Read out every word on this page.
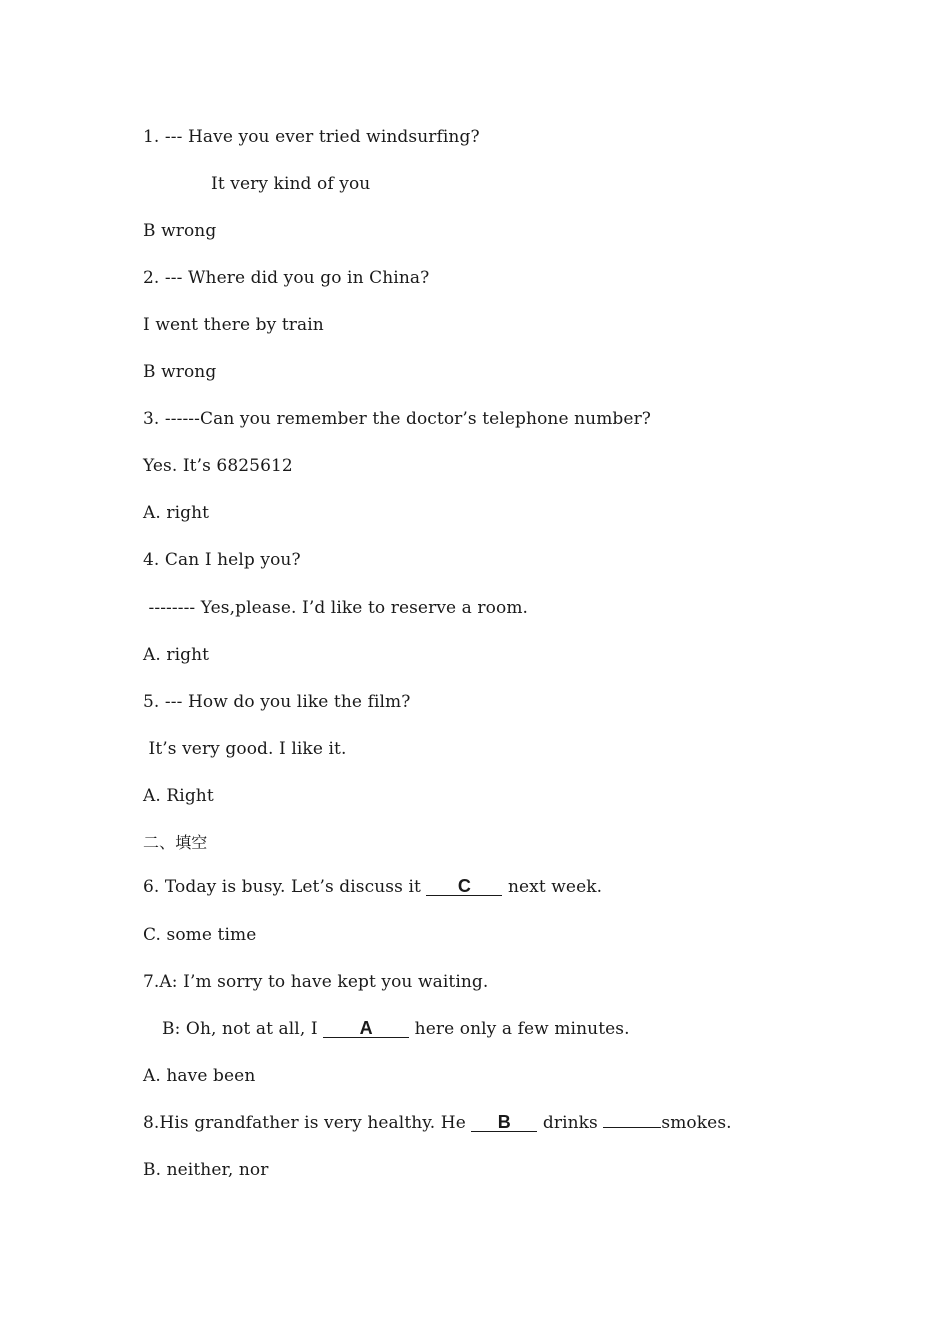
1. --- Have you ever tried windsurfing?
It very kind of you
B wrong
2. --- Where did you go in China?
I went there by train
B wrong
3. ------Can you remember the doctor’s telephone number?
Yes. It’s 6825612
A. right
4. Can I help you?
-------- Yes,please. I’d like to reserve a room.
A. right
5. --- How do you like the film?
It’s very good. I like it.
A. Right
二、填空
6. Today is busy. Let’s discuss it C next week.
C. some time
7.A: I’m sorry to have kept you waiting.
B: Oh, not at all, I A here only a few minutes.
A. have been
8.His grandfather is very healthy. He B drinks	smokes.
B. neither, nor
